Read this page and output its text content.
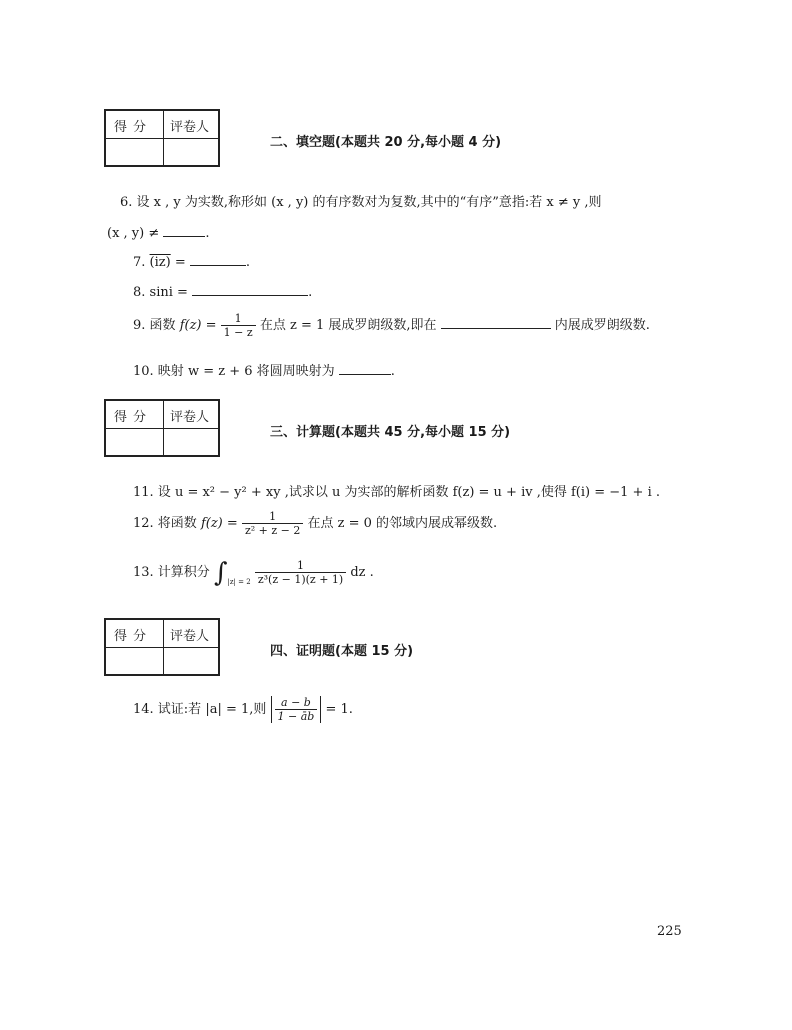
得分	评卷人
二、填空题(本题共 20 分,每小题 4 分)
6. 设 x , y 为实数,称形如 (x , y) 的有序数对为复数,其中的“有序”意指:若 x ≠ y ,则
(x , y) ≠	.
7. (iz) =	.
8. sini =	.
9. 函数 $f(z) = \frac{1}{1 - z}$ 在点 z = 1 展成罗朗级数,即在	内展成罗朗级数.
10. 映射 w = z + 6 将圆周映射为	.
得分	评卷人
三、计算题(本题共 45 分,每小题 15 分)
11. 设 u = x² − y² + xy ,试求以 u 为实部的解析函数 f(z) = u + iv ,使得 f(i) = −1 + i .
12. 将函数 $f(z) = \frac{1}{\text{z² + z − 2}}$ 在点 z = 0 的邻域内展成幂级数.
13. 计算积分 ∫ |z| = 2
$\frac{1}{\text{z³(z − 1)(z + 1)}}$ dz .
得分	评卷人
四、证明题(本题 15 分)
14. 试证:若 |a| = 1,则 $\frac{a - b}{1 - āb} = 1$.
225
